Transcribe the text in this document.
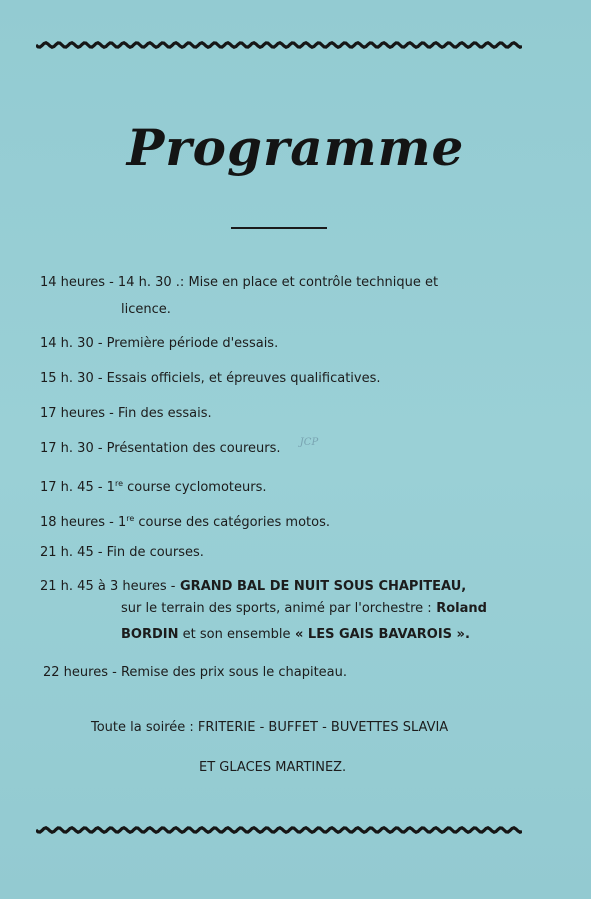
Programme
JCP
14 heures - 14 h. 30 .: Mise en place et contrôle technique et
licence.
14 h. 30 - Première période d'essais.
15 h. 30 - Essais officiels, et épreuves qualificatives.
17 heures - Fin des essais.
17 h. 30 - Présentation des coureurs.
17 h. 45 - 1re course cyclomoteurs.
18 heures - 1re course des catégories motos.
21 h. 45 - Fin de courses.
21 h. 45 à 3 heures - GRAND BAL DE NUIT SOUS CHAPITEAU,
sur le terrain des sports, animé par l'orchestre : Roland
BORDIN et son ensemble « LES GAIS BAVAROIS ».
22 heures - Remise des prix sous le chapiteau.
Toute la soirée : FRITERIE - BUFFET - BUVETTES SLAVIA
ET GLACES MARTINEZ.
